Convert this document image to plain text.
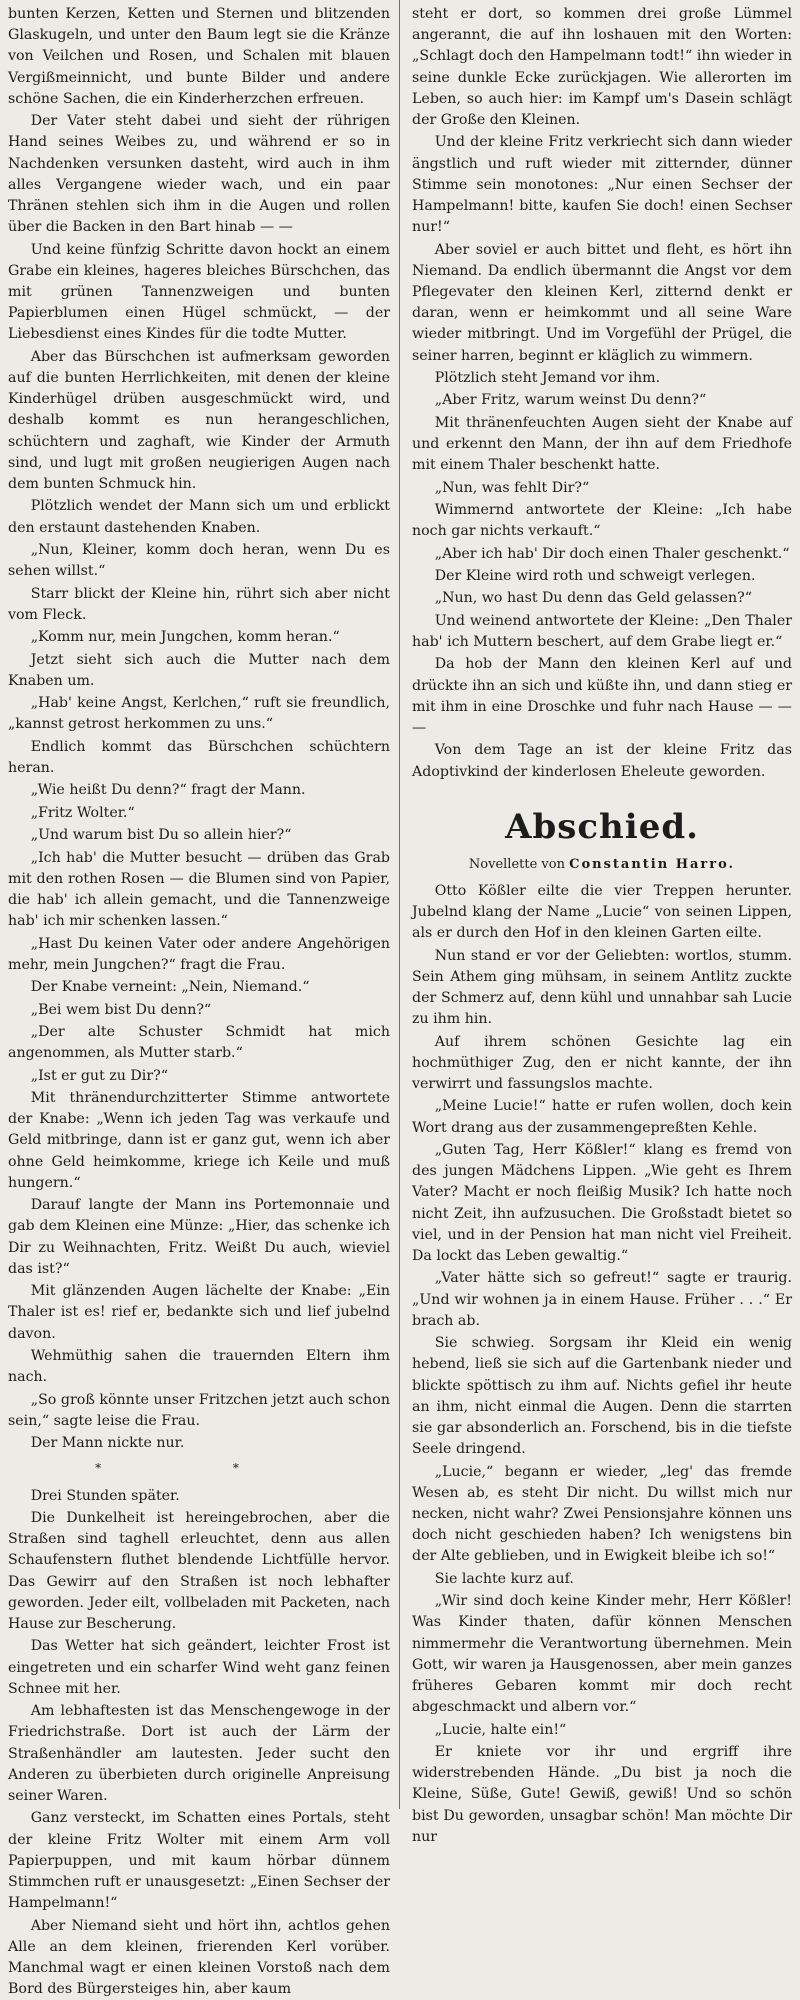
bunten Kerzen, Ketten und Sternen und blitzenden Glaskugeln, und unter den Baum legt sie die Kränze von Veilchen und Rosen, und Schalen mit blauen Vergißmeinnicht, und bunte Bilder und andere schöne Sachen, die ein Kinderherzchen erfreuen.

Der Vater steht dabei und sieht der rührigen Hand seines Weibes zu, und während er so in Nachdenken versunken dasteht, wird auch in ihm alles Vergangene wieder wach, und ein paar Thränen stehlen sich ihm in die Augen und rollen über die Backen in den Bart hinab — —

Und keine fünfzig Schritte davon hockt an einem Grabe ein kleines, hageres bleiches Bürschchen, das mit grünen Tannenzweigen und bunten Papierblumen einen Hügel schmückt, — der Liebesdienst eines Kindes für die todte Mutter.

Aber das Bürschchen ist aufmerksam geworden auf die bunten Herrlichkeiten, mit denen der kleine Kinderhügel drüben ausgeschmückt wird, und deshalb kommt es nun herangeschlichen, schüchtern und zaghaft, wie Kinder der Armuth sind, und lugt mit großen neugierigen Augen nach dem bunten Schmuck hin.

Plötzlich wendet der Mann sich um und erblickt den erstaunt dastehenden Knaben.

„Nun, Kleiner, komm doch heran, wenn Du es sehen willst.“

Starr blickt der Kleine hin, rührt sich aber nicht vom Fleck.

„Komm nur, mein Jungchen, komm heran.“

Jetzt sieht sich auch die Mutter nach dem Knaben um.

„Hab' keine Angst, Kerlchen,“ ruft sie freundlich, „kannst getrost herkommen zu uns.“

Endlich kommt das Bürschchen schüchtern heran.

„Wie heißt Du denn?“ fragt der Mann.

„Fritz Wolter.“

„Und warum bist Du so allein hier?“

„Ich hab' die Mutter besucht — drüben das Grab mit den rothen Rosen — die Blumen sind von Papier, die hab' ich allein gemacht, und die Tannenzweige hab' ich mir schenken lassen.“

„Hast Du keinen Vater oder andere Angehörigen mehr, mein Jungchen?“ fragt die Frau.

Der Knabe verneint: „Nein, Niemand.“

„Bei wem bist Du denn?“

„Der alte Schuster Schmidt hat mich angenommen, als Mutter starb.“

„Ist er gut zu Dir?“

Mit thränendurchzitterter Stimme antwortete der Knabe: „Wenn ich jeden Tag was verkaufe und Geld mitbringe, dann ist er ganz gut, wenn ich aber ohne Geld heimkomme, kriege ich Keile und muß hungern.“

Darauf langte der Mann ins Portemonnaie und gab dem Kleinen eine Münze: „Hier, das schenke ich Dir zu Weihnachten, Fritz. Weißt Du auch, wieviel das ist?“

Mit glänzenden Augen lächelte der Knabe: „Ein Thaler ist es! rief er, bedankte sich und lief jubelnd davon.

Wehmüthig sahen die trauernden Eltern ihm nach.

„So groß könnte unser Fritzchen jetzt auch schon sein,“ sagte leise die Frau.

Der Mann nickte nur.

* *

Drei Stunden später.

Die Dunkelheit ist hereingebrochen, aber die Straßen sind taghell erleuchtet, denn aus allen Schaufenstern fluthet blendende Lichtfülle hervor. Das Gewirr auf den Straßen ist noch lebhafter geworden. Jeder eilt, vollbeladen mit Packeten, nach Hause zur Bescherung.

Das Wetter hat sich geändert, leichter Frost ist eingetreten und ein scharfer Wind weht ganz feinen Schnee mit her.

Am lebhaftesten ist das Menschengewoge in der Friedrichstraße. Dort ist auch der Lärm der Straßenhändler am lautesten. Jeder sucht den Anderen zu überbieten durch originelle Anpreisung seiner Waren.

Ganz versteckt, im Schatten eines Portals, steht der kleine Fritz Wolter mit einem Arm voll Papierpuppen, und mit kaum hörbar dünnem Stimmchen ruft er unausgesetzt: „Einen Sechser der Hampelmann!“

Aber Niemand sieht und hört ihn, achtlos gehen Alle an dem kleinen, frierenden Kerl vorüber. Manchmal wagt er einen kleinen Vorstoß nach dem Bord des Bürgersteiges hin, aber kaum

steht er dort, so kommen drei große Lümmel angerannt, die auf ihn loshauen mit den Worten: „Schlagt doch den Hampelmann todt!“ ihn wieder in seine dunkle Ecke zurückjagen. Wie allerorten im Leben, so auch hier: im Kampf um's Dasein schlägt der Große den Kleinen.

Und der kleine Fritz verkriecht sich dann wieder ängstlich und ruft wieder mit zitternder, dünner Stimme sein monotones: „Nur einen Sechser der Hampelmann! bitte, kaufen Sie doch! einen Sechser nur!“

Aber soviel er auch bittet und fleht, es hört ihn Niemand. Da endlich übermannt die Angst vor dem Pflegevater den kleinen Kerl, zitternd denkt er daran, wenn er heimkommt und all seine Ware wieder mitbringt. Und im Vorgefühl der Prügel, die seiner harren, beginnt er kläglich zu wimmern.

Plötzlich steht Jemand vor ihm.

„Aber Fritz, warum weinst Du denn?“

Mit thränenfeuchten Augen sieht der Knabe auf und erkennt den Mann, der ihn auf dem Friedhofe mit einem Thaler beschenkt hatte.

„Nun, was fehlt Dir?“

Wimmernd antwortete der Kleine: „Ich habe noch gar nichts verkauft.“

„Aber ich hab' Dir doch einen Thaler geschenkt.“

Der Kleine wird roth und schweigt verlegen.

„Nun, wo hast Du denn das Geld gelassen?“

Und weinend antwortete der Kleine: „Den Thaler hab' ich Muttern beschert, auf dem Grabe liegt er.“

Da hob der Mann den kleinen Kerl auf und drückte ihn an sich und küßte ihn, und dann stieg er mit ihm in eine Droschke und fuhr nach Hause — — —

Von dem Tage an ist der kleine Fritz das Adoptivkind der kinderlosen Eheleute geworden.

Abschied.
Novellette von Constantin Harro.

Otto Kößler eilte die vier Treppen herunter. Jubelnd klang der Name „Lucie“ von seinen Lippen, als er durch den Hof in den kleinen Garten eilte.

Nun stand er vor der Geliebten: wortlos, stumm. Sein Athem ging mühsam, in seinem Antlitz zuckte der Schmerz auf, denn kühl und unnahbar sah Lucie zu ihm hin.

Auf ihrem schönen Gesichte lag ein hochmüthiger Zug, den er nicht kannte, der ihn verwirrt und fassungslos machte.

„Meine Lucie!“ hatte er rufen wollen, doch kein Wort drang aus der zusammengepreßten Kehle.

„Guten Tag, Herr Kößler!“ klang es fremd von des jungen Mädchens Lippen. „Wie geht es Ihrem Vater? Macht er noch fleißig Musik? Ich hatte noch nicht Zeit, ihn aufzusuchen. Die Großstadt bietet so viel, und in der Pension hat man nicht viel Freiheit. Da lockt das Leben gewaltig.“

„Vater hätte sich so gefreut!“ sagte er traurig. „Und wir wohnen ja in einem Hause. Früher . . .“ Er brach ab.

Sie schwieg. Sorgsam ihr Kleid ein wenig hebend, ließ sie sich auf die Gartenbank nieder und blickte spöttisch zu ihm auf. Nichts gefiel ihr heute an ihm, nicht einmal die Augen. Denn die starrten sie gar absonderlich an. Forschend, bis in die tiefste Seele dringend.

„Lucie,“ begann er wieder, „leg' das fremde Wesen ab, es steht Dir nicht. Du willst mich nur necken, nicht wahr? Zwei Pensionsjahre können uns doch nicht geschieden haben? Ich wenigstens bin der Alte geblieben, und in Ewigkeit bleibe ich so!“

Sie lachte kurz auf.

„Wir sind doch keine Kinder mehr, Herr Kößler! Was Kinder thaten, dafür können Menschen nimmermehr die Verantwortung übernehmen. Mein Gott, wir waren ja Hausgenossen, aber mein ganzes früheres Gebaren kommt mir doch recht abgeschmackt und albern vor.“

„Lucie, halte ein!“

Er kniete vor ihr und ergriff ihre widerstrebenden Hände. „Du bist ja noch die Kleine, Süße, Gute! Gewiß, gewiß! Und so schön bist Du geworden, unsagbar schön! Man möchte Dir nur
